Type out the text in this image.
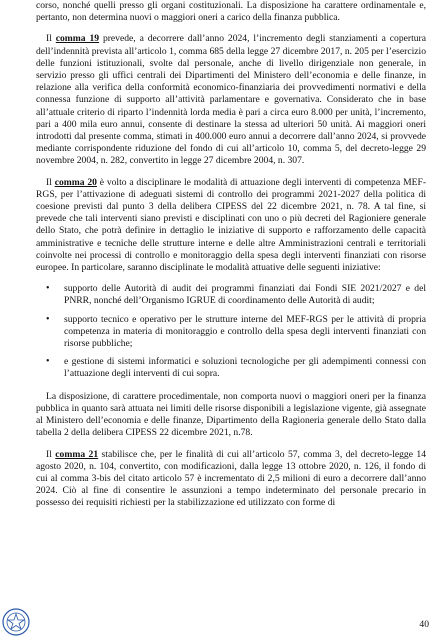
corso, nonché quelli presso gli organi costituzionali. La disposizione ha carattere ordinamentale e, pertanto, non determina nuovi o maggiori oneri a carico della finanza pubblica.

Il comma 19 prevede, a decorrere dall’anno 2024, l’incremento degli stanziamenti a copertura dell’indennità prevista all’articolo 1, comma 685 della legge 27 dicembre 2017, n. 205 per l’esercizio delle funzioni istituzionali, svolte dal personale, anche di livello dirigenziale non generale, in servizio presso gli uffici centrali dei Dipartimenti del Ministero dell’economia e delle finanze, in relazione alla verifica della conformità economico-finanziaria dei provvedimenti normativi e della connessa funzione di supporto all’attività parlamentare e governativa. Considerato che in base all’attuale criterio di riparto l’indennità lorda media è pari a circa euro 8.000 per unità, l’incremento, pari a 400 mila euro annui, consente di destinare la stessa ad ulteriori 50 unità. Ai maggiori oneri introdotti dal presente comma, stimati in 400.000 euro annui a decorrere dall’anno 2024, si provvede mediante corrispondente riduzione del fondo di cui all’articolo 10, comma 5, del decreto-legge 29 novembre 2004, n. 282, convertito in legge 27 dicembre 2004, n. 307.

Il comma 20 è volto a disciplinare le modalità di attuazione degli interventi di competenza MEF-RGS, per l’attivazione di adeguati sistemi di controllo dei programmi 2021-2027 della politica di coesione previsti dal punto 3 della delibera CIPESS del 22 dicembre 2021, n. 78. A tal fine, si prevede che tali interventi siano previsti e disciplinati con uno o più decreti del Ragioniere generale dello Stato, che potrà definire in dettaglio le iniziative di supporto e rafforzamento delle capacità amministrative e tecniche delle strutture interne e delle altre Amministrazioni centrali e territoriali coinvolte nei processi di controllo e monitoraggio della spesa degli interventi finanziati con risorse europee. In particolare, saranno disciplinate le modalità attuative delle seguenti iniziative:

• supporto delle Autorità di audit dei programmi finanziati dai Fondi SIE 2021/2027 e del PNRR, nonché dell’Organismo IGRUE di coordinamento delle Autorità di audit;
• supporto tecnico e operativo per le strutture interne del MEF-RGS per le attività di propria competenza in materia di monitoraggio e controllo della spesa degli interventi finanziati con risorse pubbliche;
• e gestione di sistemi informatici e soluzioni tecnologiche per gli adempimenti connessi con l’attuazione degli interventi di cui sopra.

La disposizione, di carattere procedimentale, non comporta nuovi o maggiori oneri per la finanza pubblica in quanto sarà attuata nei limiti delle risorse disponibili a legislazione vigente, già assegnate al Ministero dell’economia e delle finanze, Dipartimento della Ragioneria generale dello Stato dalla tabella 2 della delibera CIPESS 22 dicembre 2021, n.78.

Il comma 21 stabilisce che, per le finalità di cui all’articolo 57, comma 3, del decreto-legge 14 agosto 2020, n. 104, convertito, con modificazioni, dalla legge 13 ottobre 2020, n. 126, il fondo di cui al comma 3-bis del citato articolo 57 è incrementato di 2,5 milioni di euro a decorrere dall’anno 2024. Ciò al fine di consentire le assunzioni a tempo indeterminato del personale precario in possesso dei requisiti richiesti per la stabilizzazione ed utilizzato con forme di

40
